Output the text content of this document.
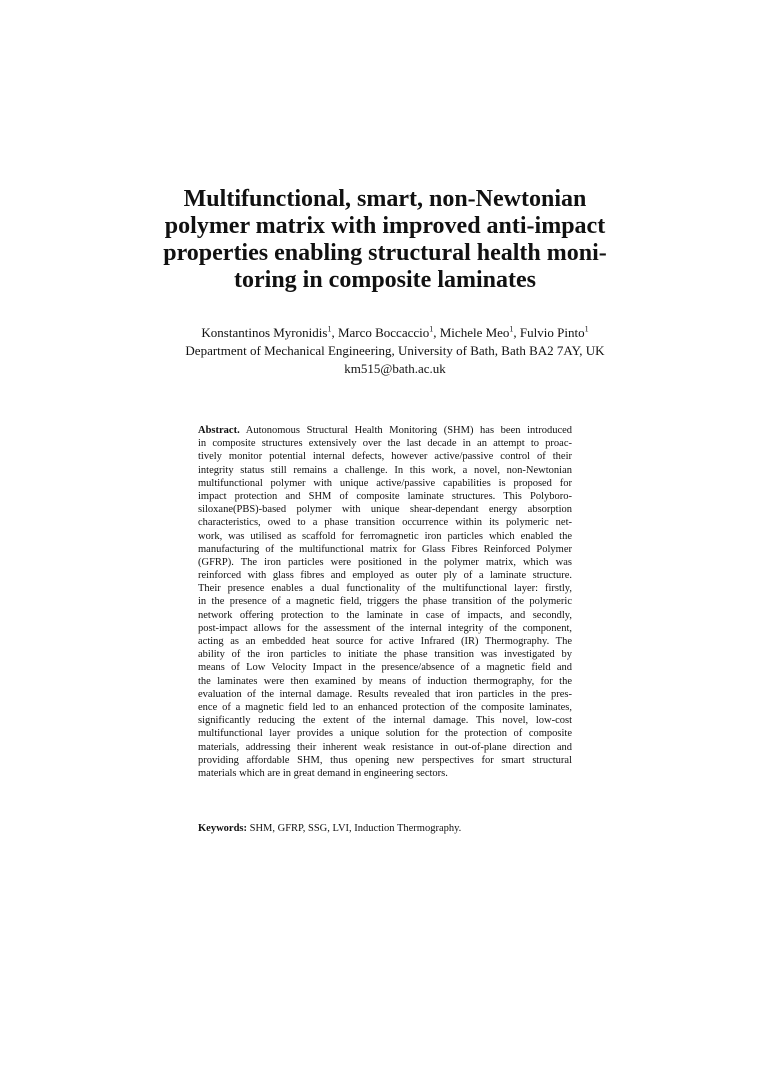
Multifunctional, smart, non-Newtonian
polymer matrix with improved anti-impact
properties enabling structural health moni-
toring in composite laminates
Konstantinos Myronidis$^1$, Marco Boccaccio$^1$, Michele Meo$^1$, Fulvio Pinto$^1$
Department of Mechanical Engineering, University of Bath, Bath BA2 7AY, UK
km515@bath.ac.uk
Abstract. Autonomous Structural Health Monitoring (SHM) has been introduced
in composite structures extensively over the last decade in an attempt to proac-
tively monitor potential internal defects, however active/passive control of their
integrity status still remains a challenge. In this work, a novel, non-Newtonian
multifunctional polymer with unique active/passive capabilities is proposed for
impact protection and SHM of composite laminate structures. This Polyboro-
siloxane(PBS)-based polymer with unique shear-dependant energy absorption
characteristics, owed to a phase transition occurrence within its polymeric net-
work, was utilised as scaffold for ferromagnetic iron particles which enabled the
manufacturing of the multifunctional matrix for Glass Fibres Reinforced Polymer
(GFRP). The iron particles were positioned in the polymer matrix, which was
reinforced with glass fibres and employed as outer ply of a laminate structure.
Their presence enables a dual functionality of the multifunctional layer: firstly,
in the presence of a magnetic field, triggers the phase transition of the polymeric
network offering protection to the laminate in case of impacts, and secondly,
post-impact allows for the assessment of the internal integrity of the component,
acting as an embedded heat source for active Infrared (IR) Thermography. The
ability of the iron particles to initiate the phase transition was investigated by
means of Low Velocity Impact in the presence/absence of a magnetic field and
the laminates were then examined by means of induction thermography, for the
evaluation of the internal damage. Results revealed that iron particles in the pres-
ence of a magnetic field led to an enhanced protection of the composite laminates,
significantly reducing the extent of the internal damage. This novel, low-cost
multifunctional layer provides a unique solution for the protection of composite
materials, addressing their inherent weak resistance in out-of-plane direction and
providing affordable SHM, thus opening new perspectives for smart structural
materials which are in great demand in engineering sectors.
Keywords: SHM, GFRP, SSG, LVI, Induction Thermography.
